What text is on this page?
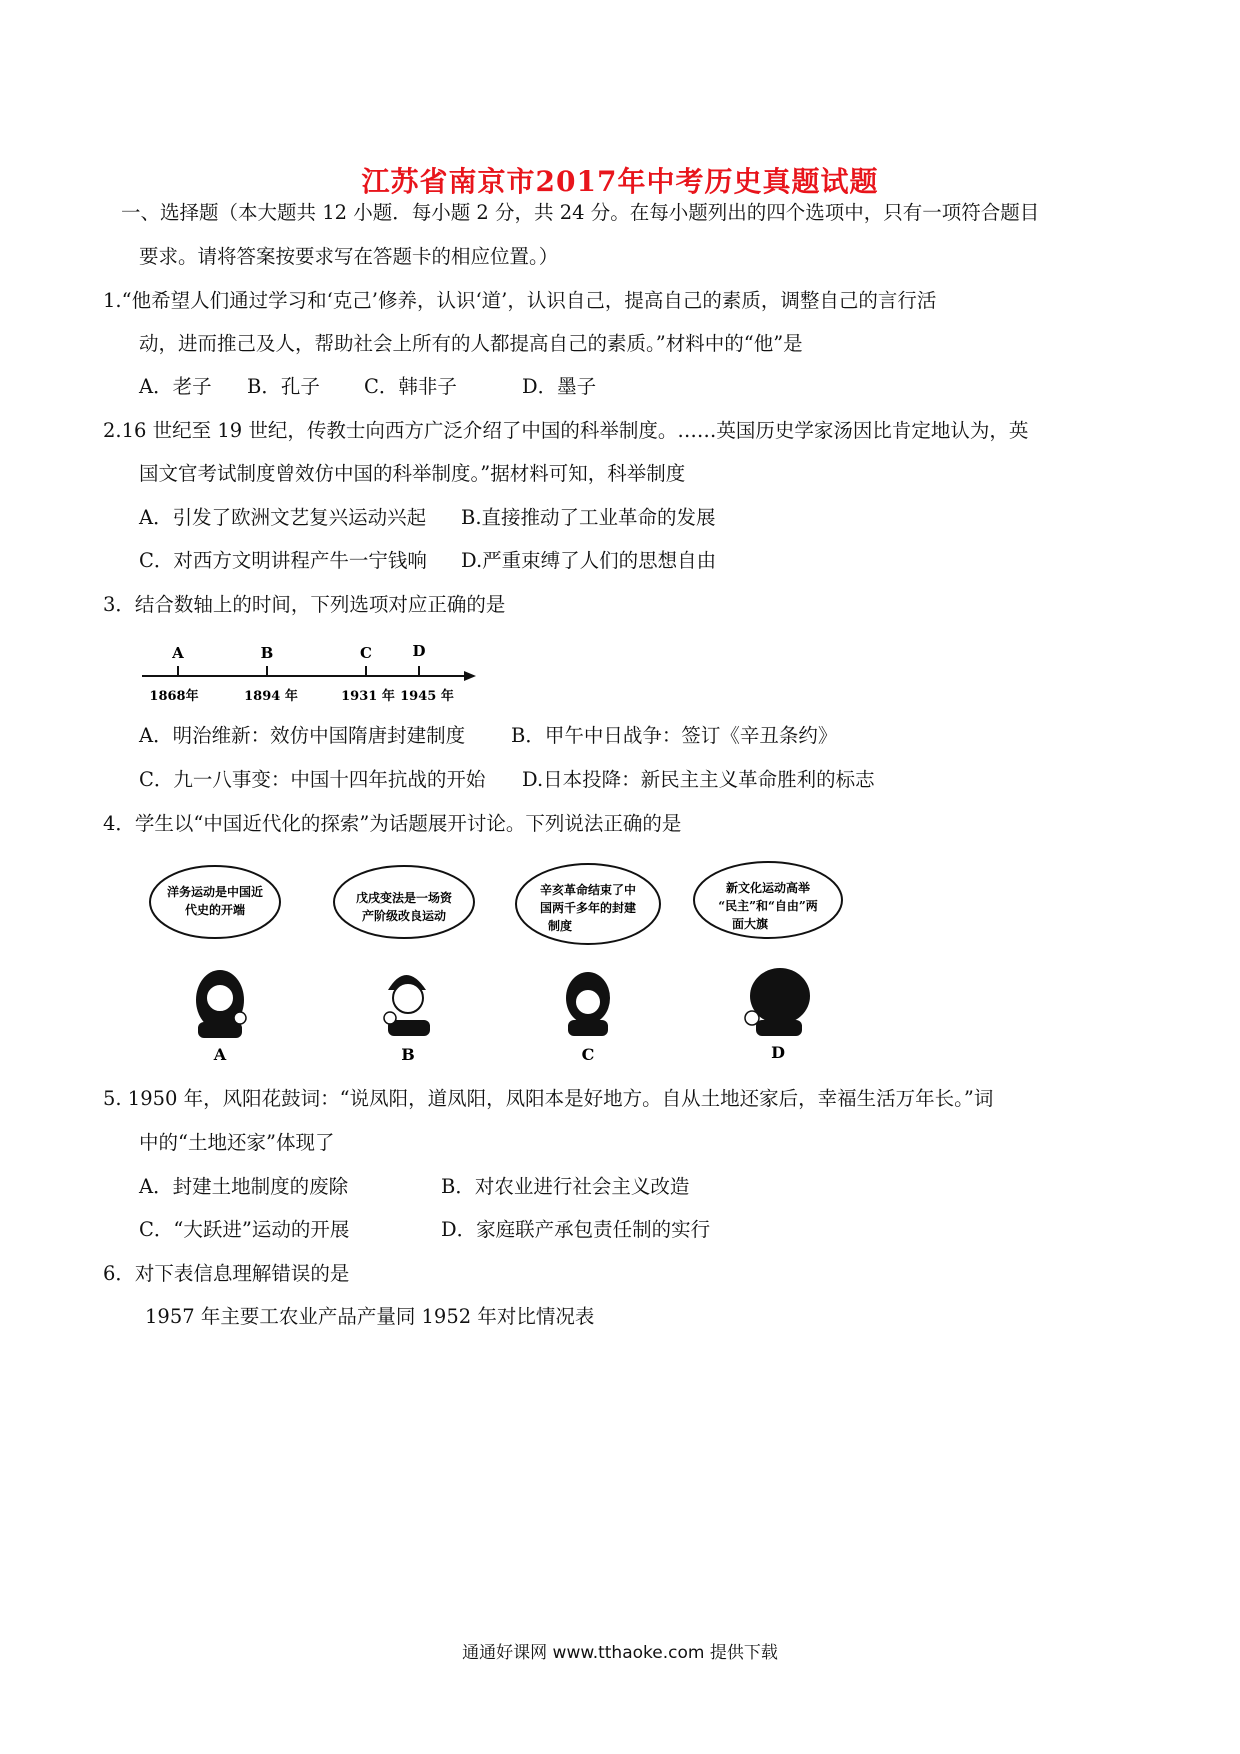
江苏省南京市2017年中考历史真题试题
一、选择题（本大题共 12 小题．每小题 2 分，共 24 分。在每小题列出的四个选项中，只有一项符合题目
要求。请将答案按要求写在答题卡的相应位置。）
1.“他希望人们通过学习和‘克己’修养，认识‘道’，认识自己，提高自己的素质，调整自己的言行活
动，进而推己及人，帮助社会上所有的人都提高自己的素质。”材料中的“他”是
A．老子 B．孔子 C．韩非子	D．墨子
2.16 世纪至 19 世纪，传教士向西方广泛介绍了中国的科举制度。……英国历史学家汤因比肯定地认为，英
国文官考试制度曾效仿中国的科举制度。”据材料可知，科举制度
A．引发了欧洲文艺复兴运动兴起 B.直接推动了工业革命的发展
C．对西方文明讲程产牛一宁钱响 D.严重束缚了人们的思想自由
3．结合数轴上的时间，下列选项对应正确的是
A
1868年
B
1894 年
C
1931 年
D
1945 年
A．明治维新：效仿中国隋唐封建制度 B．甲午中日战争：签订《辛丑条约》
C．九一八事变：中国十四年抗战的开始 D.日本投降：新民主主义革命胜利的标志
4．学生以“中国近代化的探索”为话题展开讨论。下列说法正确的是
洋务运动是中国近
代史的开端
A
戊戌变法是一场资
产阶级改良运动
B
辛亥革命结束了中
国两千多年的封建
制度
C
新文化运动高举
“民主”和“自由”两
面大旗
D
5. 1950 年，风阳花鼓词：“说凤阳，道凤阳，凤阳本是好地方。自从土地还家后，幸福生活万年长。”词
中的“土地还家”体现了
A．封建土地制度的废除	B．对农业进行社会主义改造
C．“大跃进”运动的开展	D．家庭联产承包责任制的实行
6．对下表信息理解错误的是
1957 年主要工农业产品产量同 1952 年对比情况表
通通好课网 www.tthaoke.com 提供下载
